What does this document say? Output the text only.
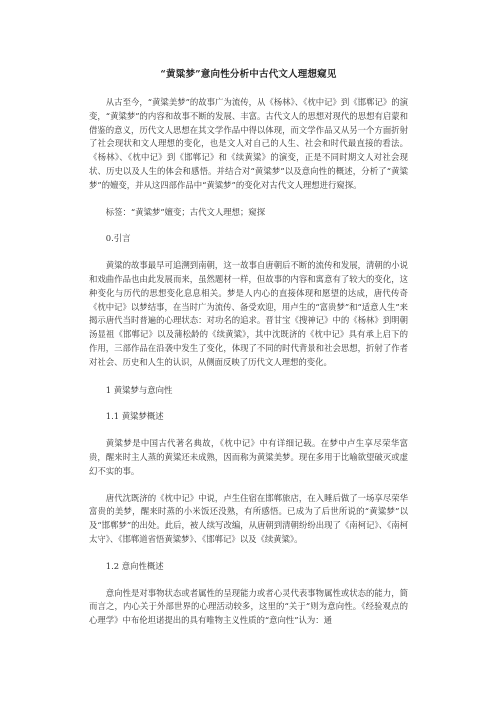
“黄粱梦”意向性分析中古代文人理想窥见

从古至今，“黄粱美梦”的故事广为流传，从《杨林》、《枕中记》到《邯郸记》的演变，“黄粱梦”的内容和故事不断的发展、丰富。古代文人的思想对现代的思想有启蒙和借鉴的意义，历代文人思想在其文学作品中得以体现，而文学作品又从另一个方面折射了社会现状和文人理想的变化，也是文人对自己的人生、社会和时代最直接的看法。《杨林》、《枕中记》到《邯郸记》和《续黄粱》的演变，正是不同时期文人对社会现状、历史以及人生的体会和感悟。并结合对“黄粱梦”以及意向性的概述，分析了“黄粱梦”的嬗变，并从这四部作品中“黄粱梦”的变化对古代文人理想进行窥探。

标签：“黄粱梦”嬗变；古代文人理想；窥探

0.引言

黄粱的故事最早可追溯到南朝，这一故事自唐朝后不断的流传和发展，清朝的小说和戏曲作品也由此发展而来，虽然题材一样，但故事的内容和寓意有了较大的变化，这种变化与历代的思想变化息息相关。梦是人内心的直接体现和愿望的达成，唐代传奇《枕中记》以梦结事，在当时广为流传、备受欢迎，用卢生的“富贵梦”和“适意人生”来揭示唐代当时普遍的心理状态：对功名的追求。晋甘宝《搜神记》中的《杨林》到明朝汤显祖《邯郸记》以及蒲松龄的《续黄粱》，其中沈既济的《枕中记》具有承上启下的作用，三部作品在沿袭中发生了变化，体现了不同的时代背景和社会思想，折射了作者对社会、历史和人生的认识，从侧面反映了历代文人理想的变化。

1 黄粱梦与意向性

1.1 黄粱梦概述

黄粱梦是中国古代著名典故，《枕中记》中有详细记载。在梦中卢生享尽荣华富贵，醒来时主人蒸的黄粱还未成熟，因而称为黄粱美梦。现在多用于比喻欲望破灭或虚幻不实的事。

唐代沈既济的《枕中记》中说，卢生住宿在邯郸旅店，在入睡后做了一场享尽荣华富贵的美梦，醒来时蒸的小米饭还没熟，有所感悟。已成为了后世所说的“黄粱梦”以及“邯郸梦”的出处。此后，被人续写改编，从唐朝到清朝纷纷出现了《南柯记》、《南柯太守》、《邯郸道省悟黄粱梦》、《邯郸记》以及《续黄粱》。

1.2 意向性概述

意向性是对事物状态或者属性的呈现能力或者心灵代表事物属性或状态的能力，简而言之，内心关于外部世界的心理活动较多，这里的“关于”则为意向性。《经验观点的心理学》中布伦坦诺提出的具有唯物主义性质的“意向性”认为：通
